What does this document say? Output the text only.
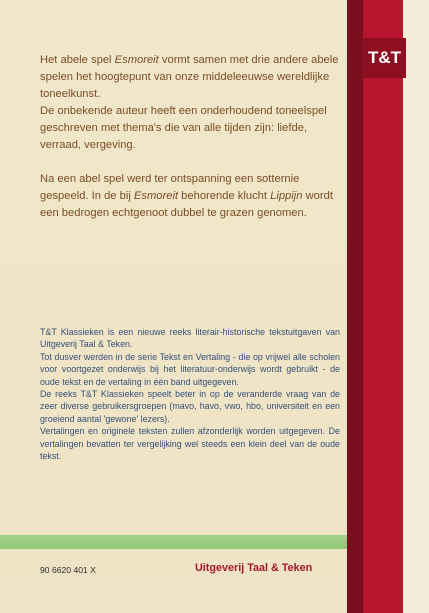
T&T

Het abele spel Esmoreit vormt samen met drie andere abele spelen het hoogtepunt van onze middeleeuwse wereldlijke toneelkunst.

De onbekende auteur heeft een onderhoudend toneelspel geschreven met thema's die van alle tijden zijn: liefde, verraad, vergeving.

Na een abel spel werd ter ontspanning een sotternie gespeeld. In de bij Esmoreit behorende klucht Lippijn wordt een bedrogen echtgenoot dubbel te grazen genomen.

T&T Klassieken is een nieuwe reeks literair-historische tekstuitgaven van Uitgeverij Taal & Teken.

Tot dusver werden in de serie Tekst en Vertaling - die op vrijwel alle scholen voor voortgezet onderwijs bij het literatuur-onderwijs wordt gebruikt - de oude tekst en de vertaling in één band uitgegeven.

De reeks T&T Klassieken speelt beter in op de veranderde vraag van de zeer diverse gebruikersgroepen (mavo, havo, vwo, hbo, universiteit en een groeiend aantal 'gewone' lezers).

Vertalingen en originele teksten zullen afzonderlijk worden uitgegeven. De vertalingen bevatten ter vergelijking wel steeds een klein deel van de oude tekst.

90 6620 401 X	Uitgeverij Taal & Teken
